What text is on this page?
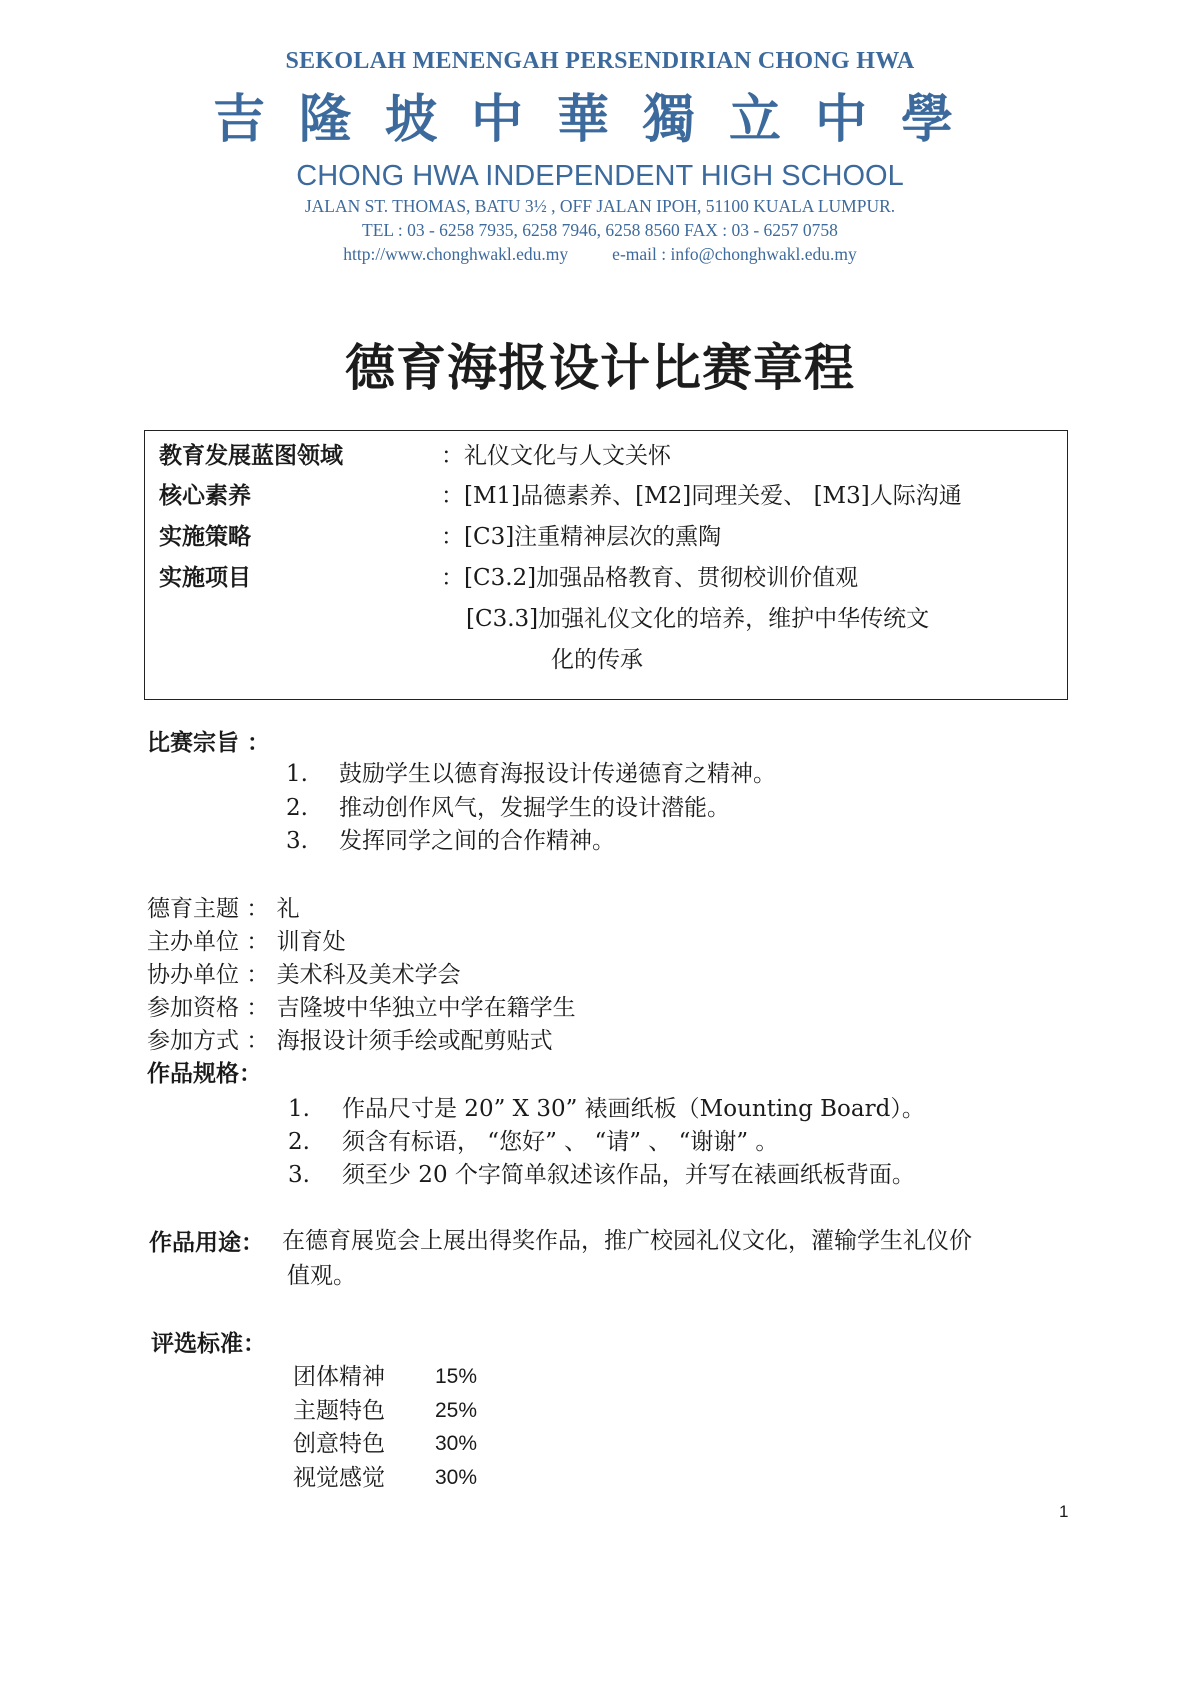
SEKOLAH MENENGAH PERSENDIRIAN CHONG HWA
吉隆坡中華獨立中學
CHONG HWA INDEPENDENT HIGH SCHOOL
JALAN ST. THOMAS, BATU 3½ , OFF JALAN IPOH, 51100 KUALA LUMPUR.
TEL : 03 - 6258 7935, 6258 7946, 6258 8560 FAX : 03 - 6257 0758
http://www.chonghwakl.edu.my	e-mail : info@chonghwakl.edu.my
德育海报设计比赛章程
教育发展蓝图领域	：礼仪文化与人文关怀
核心素养	：[M1]品德素养、[M2]同理关爱、 [M3]人际沟通
实施策略	：[C3]注重精神层次的熏陶
实施项目	：[C3.2]加强品格教育、贯彻校训价值观
[C3.3]加强礼仪文化的培养，维护中华传统文
化的传承
比赛宗旨 ：
1. 鼓励学生以德育海报设计传递德育之精神。
2. 推动创作风气，发掘学生的设计潜能。
3. 发挥同学之间的合作精神。
德育主题 ： 礼
主办单位 ： 训育处
协办单位 ： 美术科及美术学会
参加资格 ： 吉隆坡中华独立中学在籍学生
参加方式 ： 海报设计须手绘或配剪贴式
作品规格：
1. 作品尺寸是 20” X 30” 裱画纸板（Mounting Board）。
2. 须含有标语， “您好” 、 “请” 、 “谢谢” 。
3. 须至少 20 个字简单叙述该作品，并写在裱画纸板背面。
作品用途： 在德育展览会上展出得奖作品，推广校园礼仪文化，灌输学生礼仪价
值观。
评选标准：
团体精神 15%
主题特色 25%
创意特色 30%
视觉感觉 30%
1
